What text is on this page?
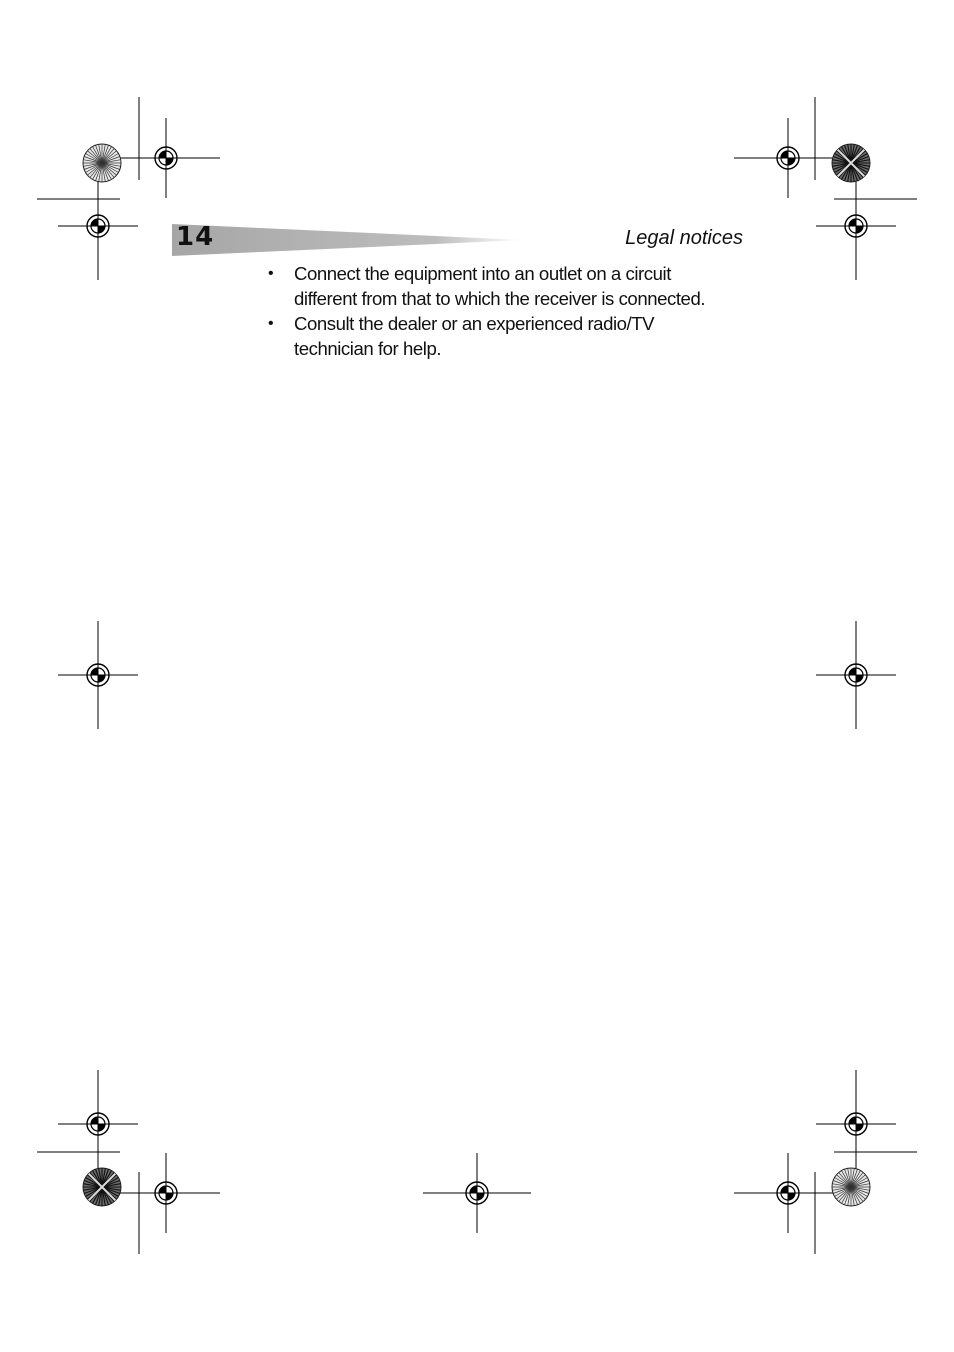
14	Legal notices
• Connect the equipment into an outlet on a circuit different from that to which the receiver is connected.
• Consult the dealer or an experienced radio/TV technician for help.
